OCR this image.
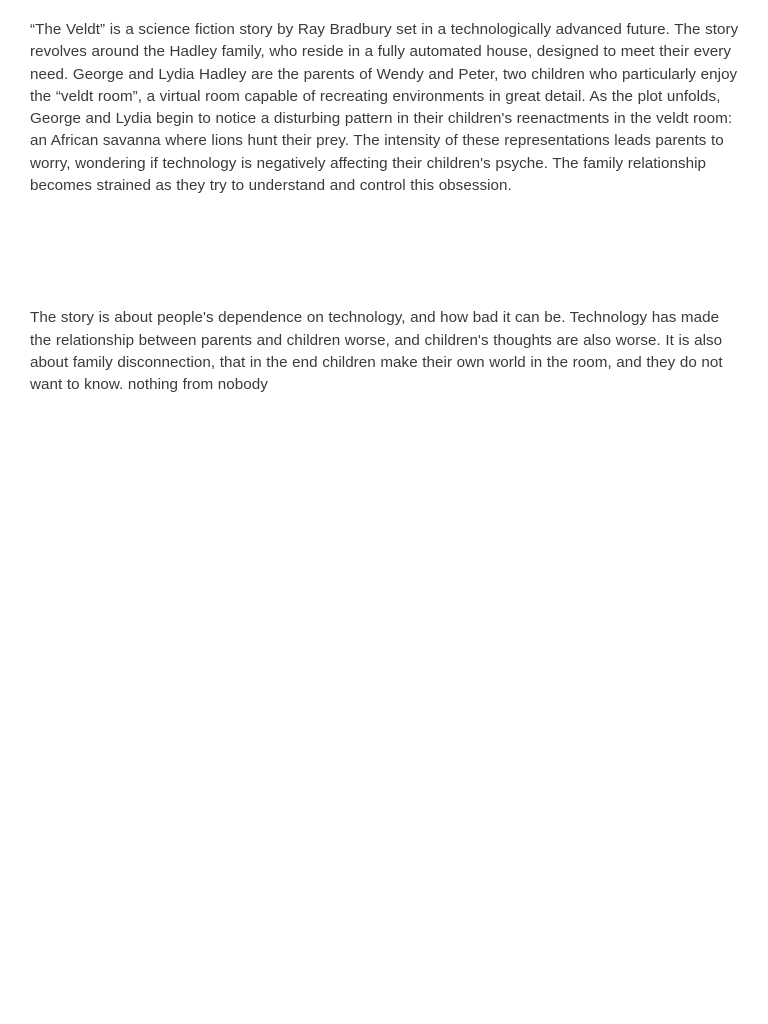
“The Veldt” is a science fiction story by Ray Bradbury set in a technologically advanced future. The story revolves around the Hadley family, who reside in a fully automated house, designed to meet their every need. George and Lydia Hadley are the parents of Wendy and Peter, two children who particularly enjoy the “veldt room”, a virtual room capable of recreating environments in great detail. As the plot unfolds, George and Lydia begin to notice a disturbing pattern in their children's reenactments in the veldt room: an African savanna where lions hunt their prey. The intensity of these representations leads parents to worry, wondering if technology is negatively affecting their children's psyche. The family relationship becomes strained as they try to understand and control this obsession.

The story is about people's dependence on technology, and how bad it can be. Technology has made the relationship between parents and children worse, and children's thoughts are also worse. It is also about family disconnection, that in the end children make their own world in the room, and they do not want to know. nothing from nobody
